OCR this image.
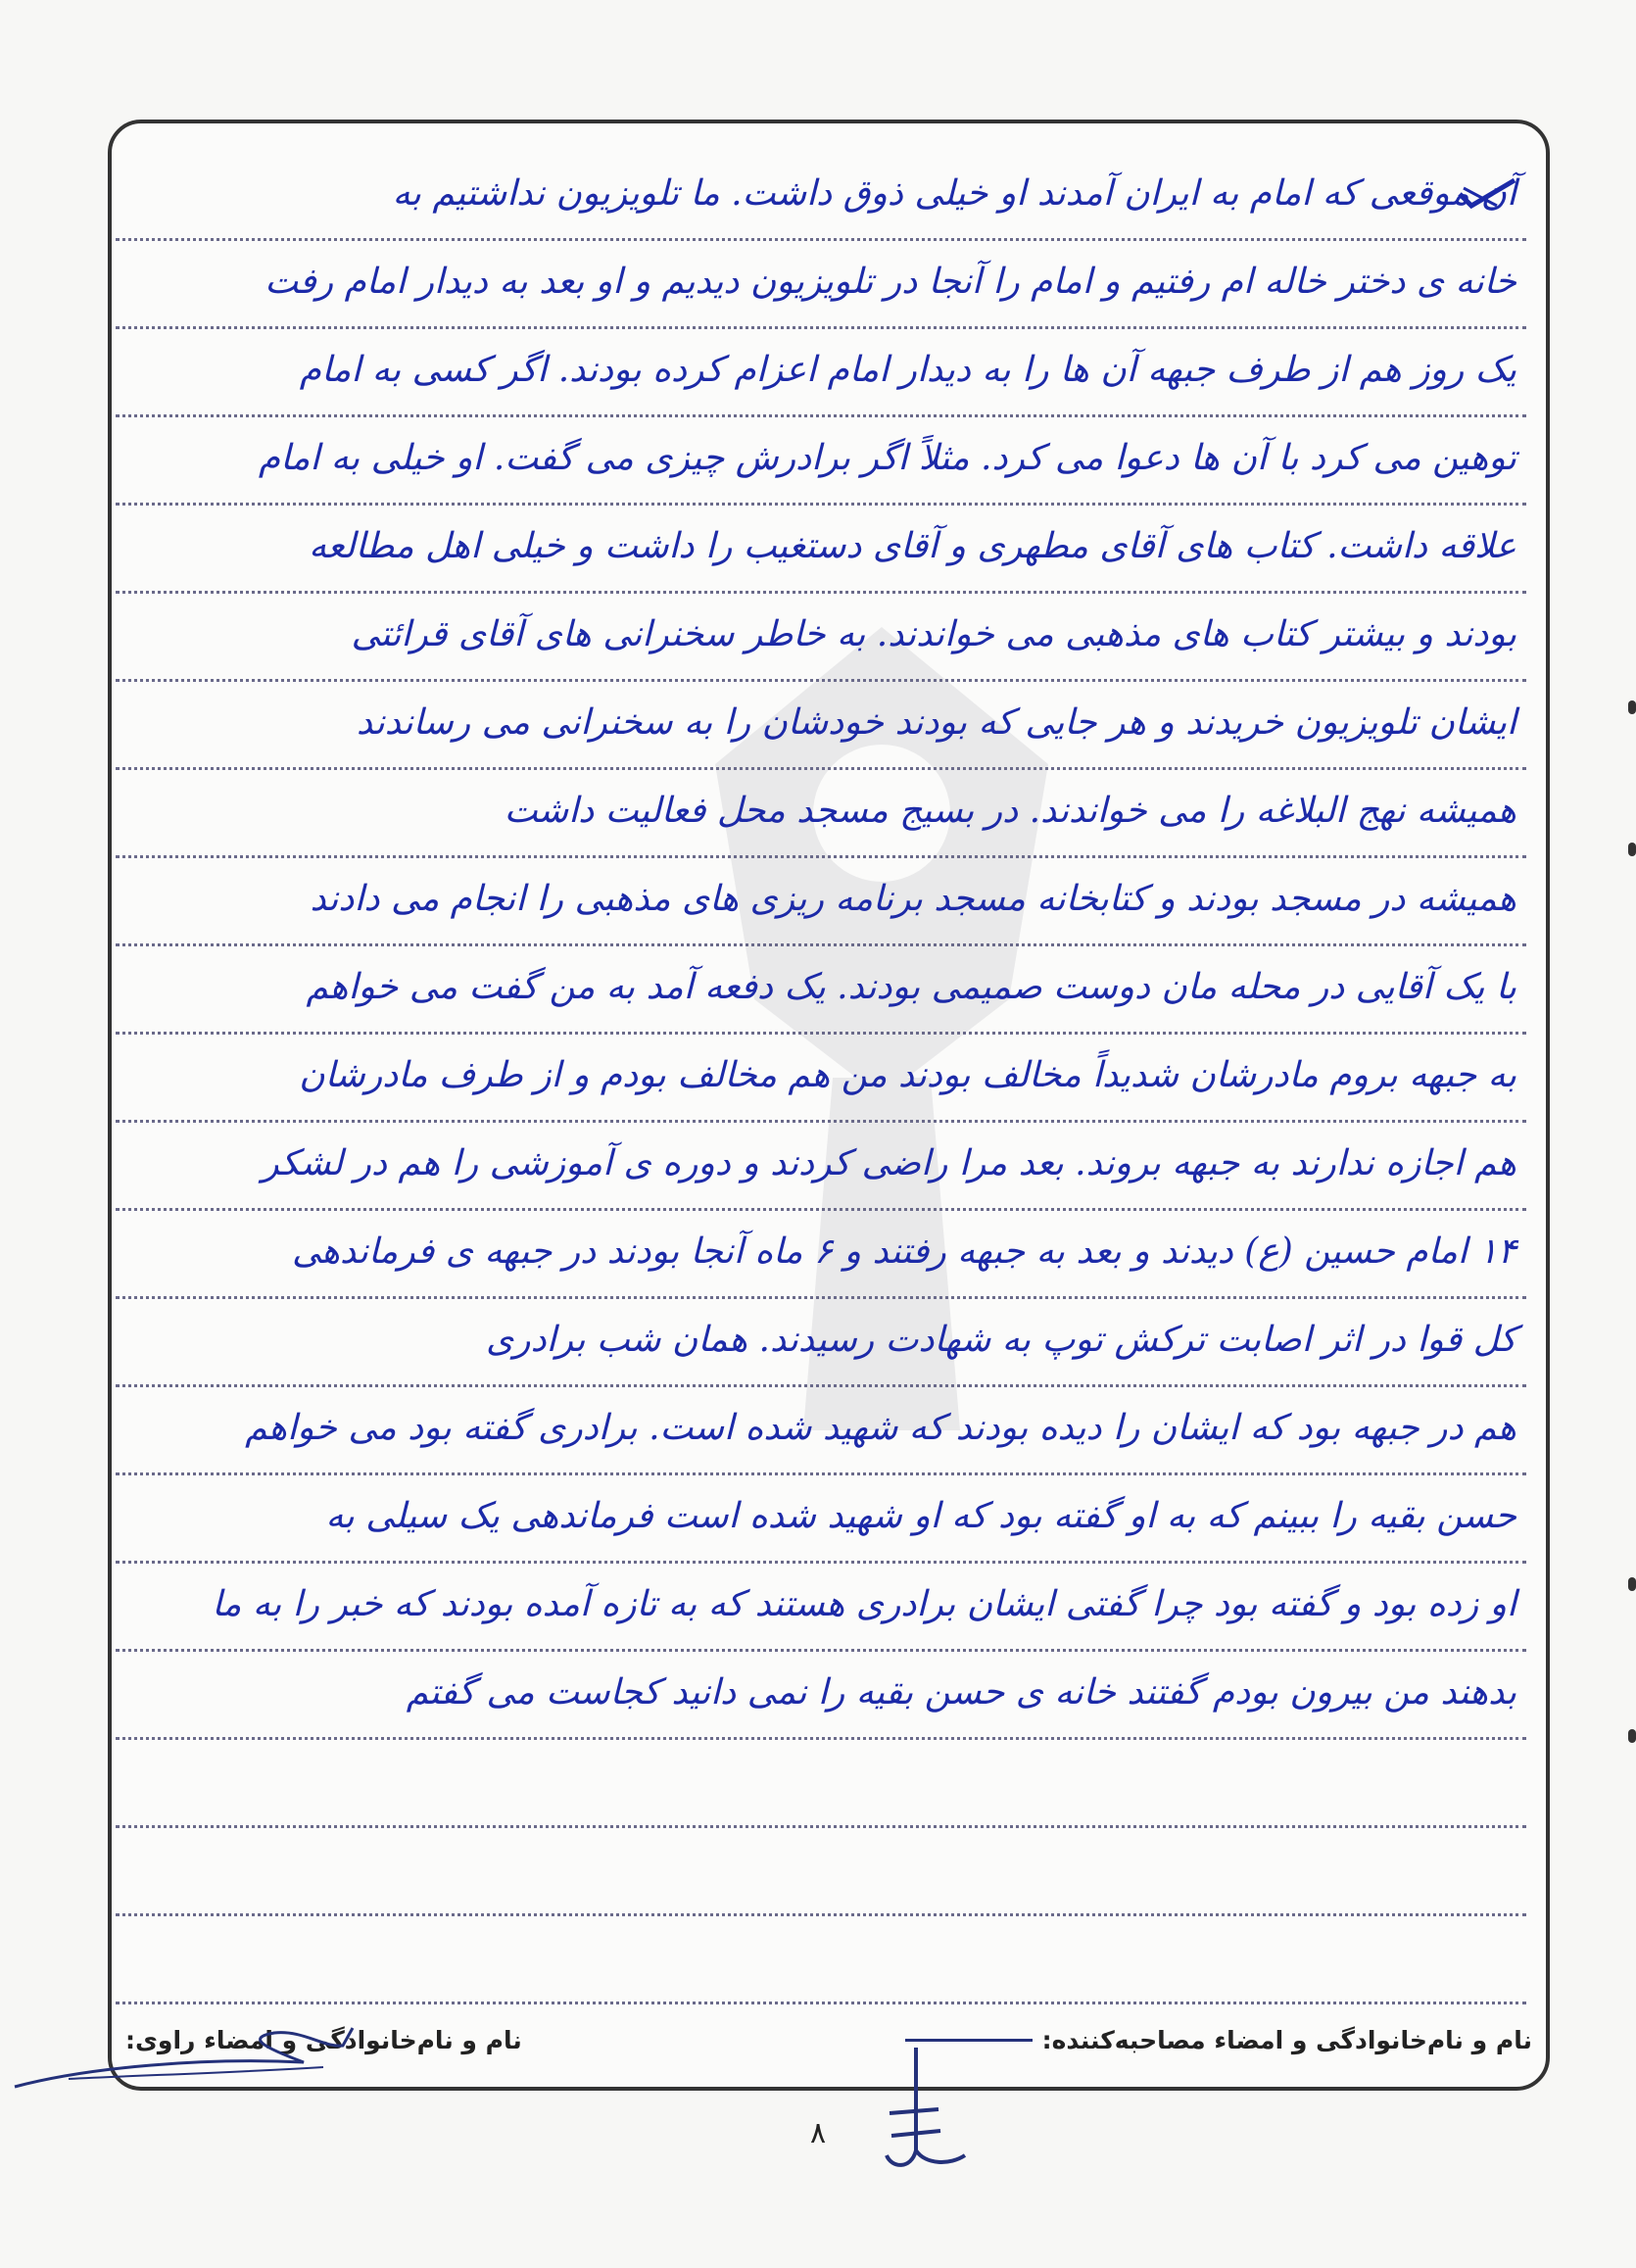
آن موقعی که امام به ایران آمدند او خیلی ذوق داشت. ما تلویزیون نداشتیم به
خانه ی دختر خاله ام رفتیم و امام را آنجا در تلویزیون دیدیم و او بعد به دیدار امام رفت
یک روز هم از طرف جبهه آن ها را به دیدار امام اعزام کرده بودند. اگر کسی به امام
توهین می کرد با آن ها دعوا می کرد. مثلاً اگر برادرش چیزی می گفت. او خیلی به امام
علاقه داشت. کتاب های آقای مطهری و آقای دستغیب را داشت و خیلی اهل مطالعه
بودند و بیشتر کتاب های مذهبی می خواندند. به خاطر سخنرانی های آقای قرائتی
ایشان تلویزیون خریدند و هر جایی که بودند خودشان را به سخنرانی می رساندند
همیشه نهج البلاغه را می خواندند. در بسیج مسجد محل فعالیت داشت
همیشه در مسجد بودند و کتابخانه مسجد برنامه ریزی های مذهبی را انجام می دادند
با یک آقایی در محله مان دوست صمیمی بودند. یک دفعه آمد به من گفت می خواهم
به جبهه بروم مادرشان شدیداً مخالف بودند من هم مخالف بودم و از طرف مادرشان
هم اجازه ندارند به جبهه بروند. بعد مرا راضی کردند و دوره ی آموزشی را هم در لشکر
۱۴ امام حسین (ع) دیدند و بعد به جبهه رفتند و ۶ ماه آنجا بودند در جبهه ی فرماندهی
کل قوا در اثر اصابت ترکش توپ به شهادت رسیدند. همان شب برادری
هم در جبهه بود که ایشان را دیده بودند که شهید شده است. برادری گفته بود می خواهم
حسن بقیه را ببینم که به او گفته بود که او شهید شده است فرماندهی یک سیلی به
او زده بود و گفته بود چرا گفتی ایشان برادری هستند که به تازه آمده بودند که خبر را به ما
بدهند من بیرون بودم گفتند خانه ی حسن بقیه را نمی دانید کجاست می گفتم
نام و نام‌خانوادگی و امضاء مصاحبه‌کننده:
نام و نام‌خانوادگی و امضاء راوی:
۸
